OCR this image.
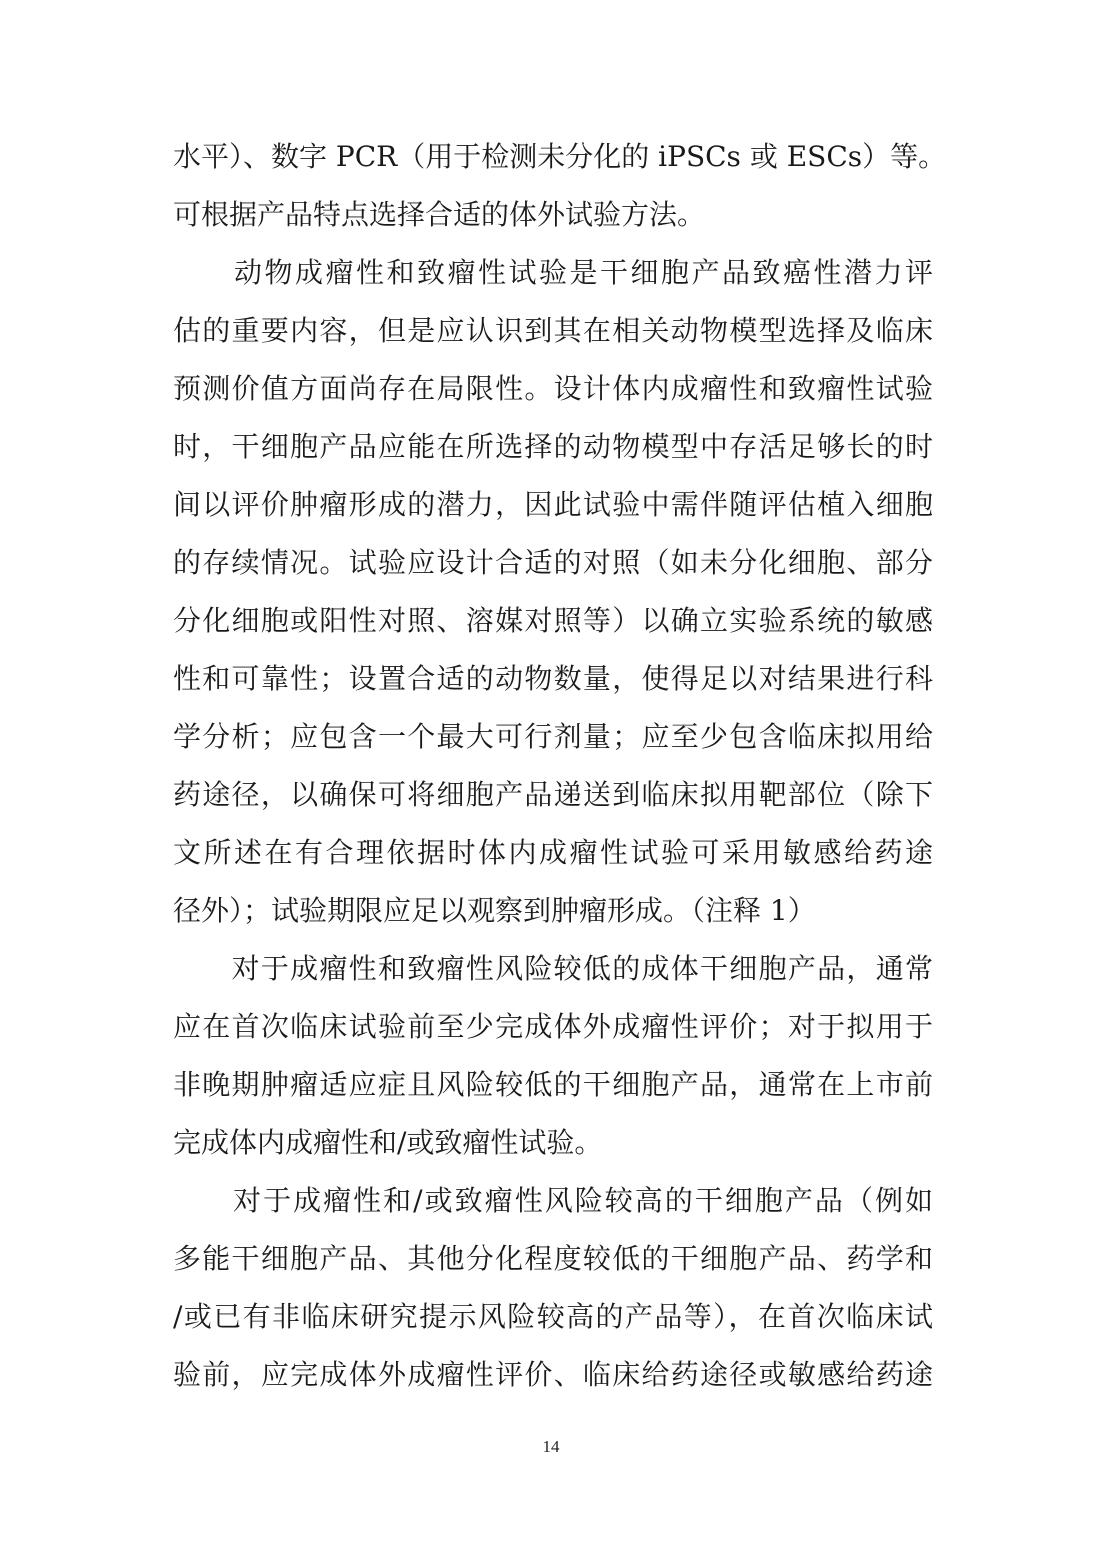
水平）、数字 PCR（用于检测未分化的 iPSCs 或 ESCs）等。
可根据产品特点选择合适的体外试验方法。
　　动物成瘤性和致瘤性试验是干细胞产品致癌性潜力评
估的重要内容，但是应认识到其在相关动物模型选择及临床
预测价值方面尚存在局限性。设计体内成瘤性和致瘤性试验
时，干细胞产品应能在所选择的动物模型中存活足够长的时
间以评价肿瘤形成的潜力，因此试验中需伴随评估植入细胞
的存续情况。试验应设计合适的对照（如未分化细胞、部分
分化细胞或阳性对照、溶媒对照等）以确立实验系统的敏感
性和可靠性；设置合适的动物数量，使得足以对结果进行科
学分析；应包含一个最大可行剂量；应至少包含临床拟用给
药途径，以确保可将细胞产品递送到临床拟用靶部位（除下
文所述在有合理依据时体内成瘤性试验可采用敏感给药途
径外）；试验期限应足以观察到肿瘤形成。（注释 1）
　　对于成瘤性和致瘤性风险较低的成体干细胞产品，通常
应在首次临床试验前至少完成体外成瘤性评价；对于拟用于
非晚期肿瘤适应症且风险较低的干细胞产品，通常在上市前
完成体内成瘤性和/或致瘤性试验。
　　对于成瘤性和/或致瘤性风险较高的干细胞产品（例如
多能干细胞产品、其他分化程度较低的干细胞产品、药学和
/或已有非临床研究提示风险较高的产品等），在首次临床试
验前，应完成体外成瘤性评价、临床给药途径或敏感给药途
14
